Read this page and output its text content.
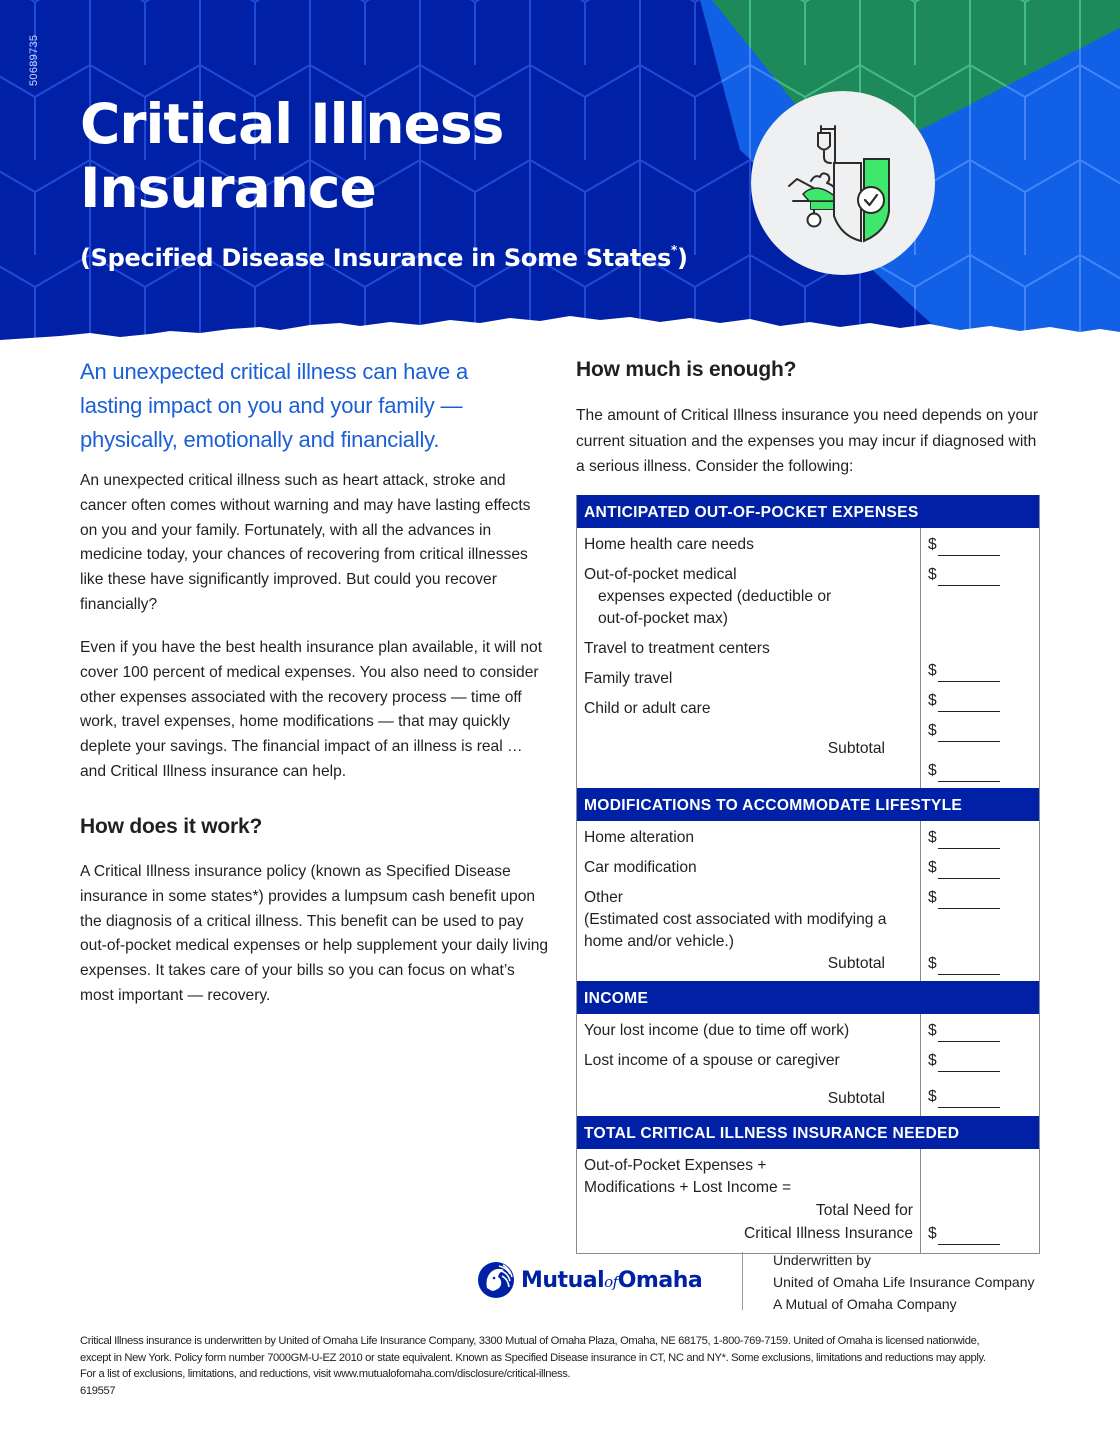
50689735
Critical Illness
Insurance
(Specified Disease Insurance in Some States*)

An unexpected critical illness can have a lasting impact on you and your family — physically, emotionally and financially.

An unexpected critical illness such as heart attack, stroke and cancer often comes without warning and may have lasting effects on you and your family. Fortunately, with all the advances in medicine today, your chances of recovering from critical illnesses like these have significantly improved. But could you recover financially?

Even if you have the best health insurance plan available, it will not cover 100 percent of medical expenses. You also need to consider other expenses associated with the recovery process — time off work, travel expenses, home modifications — that may quickly deplete your savings. The financial impact of an illness is real … and Critical Illness insurance can help.

How does it work?

A Critical Illness insurance policy (known as Specified Disease insurance in some states*) provides a lumpsum cash benefit upon the diagnosis of a critical illness. This benefit can be used to pay out-of-pocket medical expenses or help supplement your daily living expenses. It takes care of your bills so you can focus on what’s most important — recovery.

How much is enough?

The amount of Critical Illness insurance you need depends on your current situation and the expenses you may incur if diagnosed with a serious illness. Consider the following:

ANTICIPATED OUT-OF-POCKET EXPENSES
Home health care needs
Out-of-pocket medical
expenses expected (deductible or
out-of-pocket max)
Travel to treatment centers
Family travel
Child or adult care
Subtotal
$
$
$
$
$
$
MODIFICATIONS TO ACCOMMODATE LIFESTYLE
Home alteration
Car modification
Other
(Estimated cost associated with modifying a
home and/or vehicle.)
Subtotal
$
$
$
$
INCOME
Your lost income (due to time off work)
Lost income of a spouse or caregiver
Subtotal
$
$
$
TOTAL CRITICAL ILLNESS INSURANCE NEEDED
Out-of-Pocket Expenses +
Modifications + Lost Income =
Total Need for
Critical Illness Insurance $
MutualofOmaha
Underwritten by
United of Omaha Life Insurance Company
A Mutual of Omaha Company
Critical Illness insurance is underwritten by United of Omaha Life Insurance Company, 3300 Mutual of Omaha Plaza, Omaha, NE 68175, 1-800-769-7159. United of Omaha is licensed nationwide,
except in New York. Policy form number 7000GM-U-EZ 2010 or state equivalent. Known as Specified Disease insurance in CT, NC and NY*. Some exclusions, limitations and reductions may apply.
For a list of exclusions, limitations, and reductions, visit www.mutualofomaha.com/disclosure/critical-illness.
619557
